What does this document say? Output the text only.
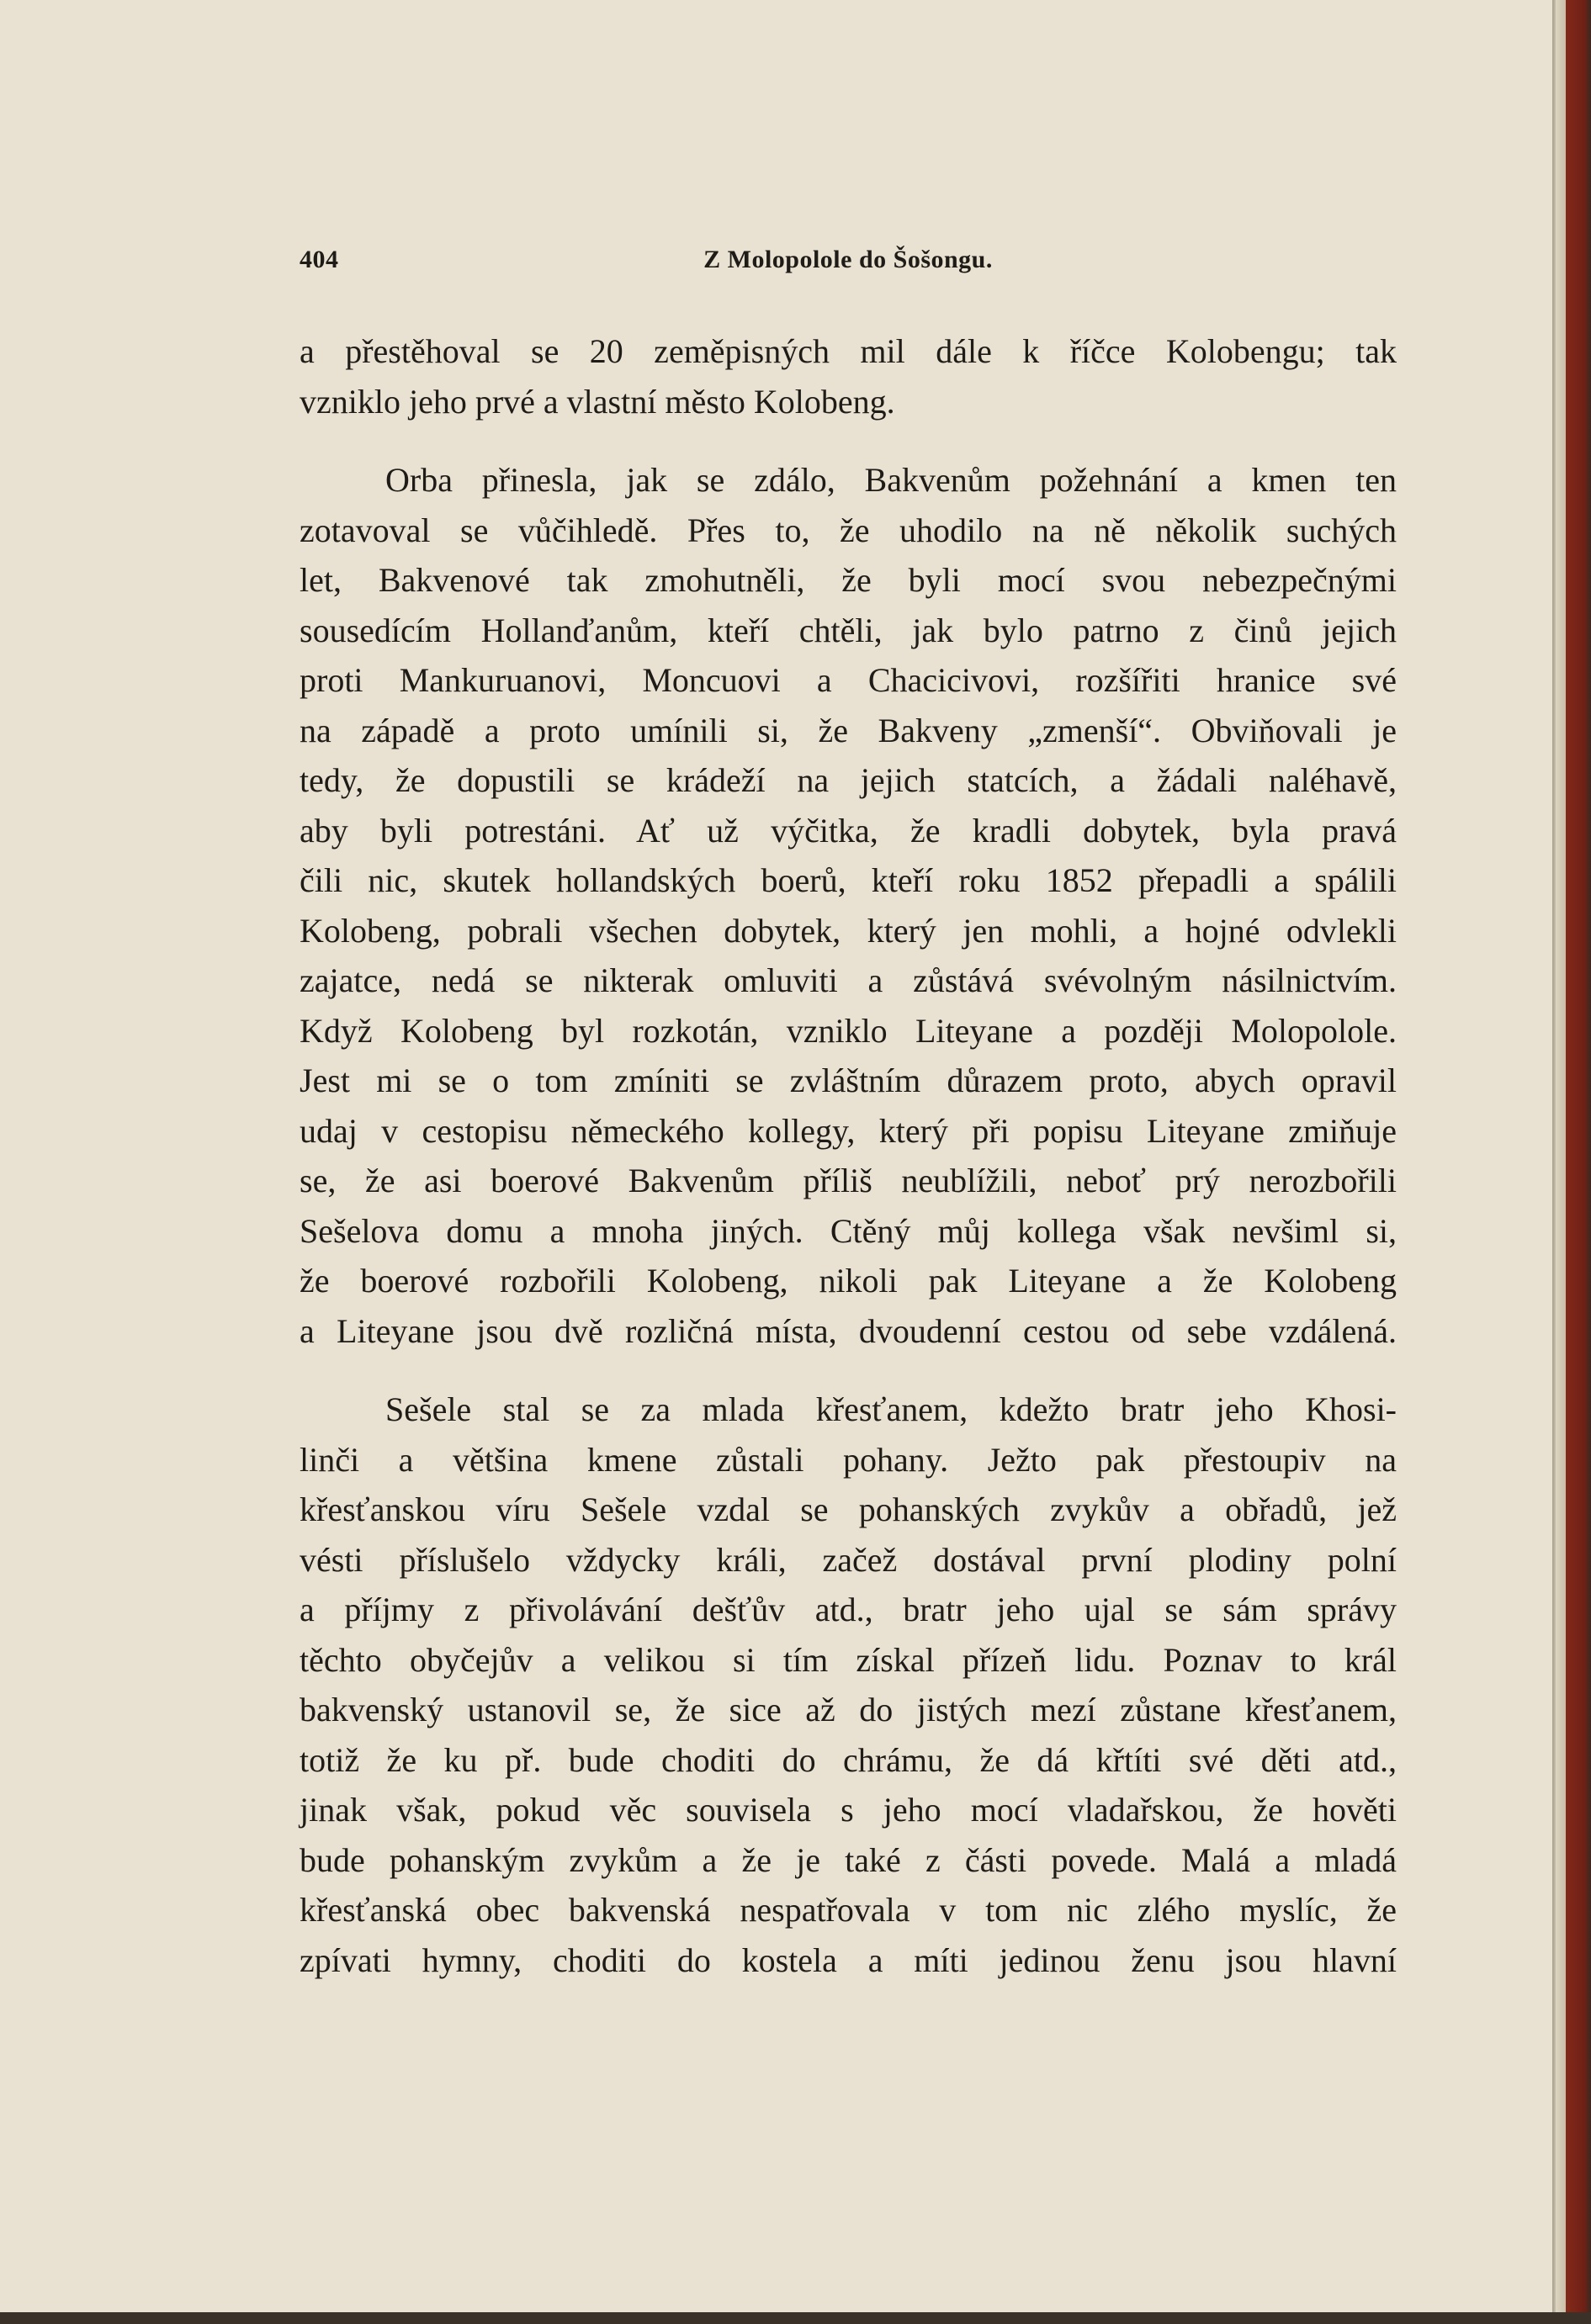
404	Z Molopolole do Šošongu.
a přestěhoval se 20 zeměpisných mil dále k říčce Kolobengu; tak
vzniklo jeho prvé a vlastní město Kolobeng.
Orba přinesla, jak se zdálo, Bakvenům požehnání a kmen ten
zotavoval se vůčihledě. Přes to, že uhodilo na ně několik suchých
let, Bakvenové tak zmohutněli, že byli mocí svou nebezpečnými
sousedícím Hollanďanům, kteří chtěli, jak bylo patrno z činů jejich
proti Mankuruanovi, Moncuovi a Chacicivovi, rozšířiti hranice své
na západě a proto umínili si, že Bakveny „zmenší“. Obviňovali je
tedy, že dopustili se krádeží na jejich statcích, a žádali naléhavě,
aby byli potrestáni. Ať už výčitka, že kradli dobytek, byla pravá
čili nic, skutek hollandských boerů, kteří roku 1852 přepadli a spálili
Kolobeng, pobrali všechen dobytek, který jen mohli, a hojné odvlekli
zajatce, nedá se nikterak omluviti a zůstává svévolným násilnictvím.
Když Kolobeng byl rozkotán, vzniklo Liteyane a později Molopolole.
Jest mi se o tom zmíniti se zvláštním důrazem proto, abych opravil
udaj v cestopisu německého kollegy, který při popisu Liteyane zmiňuje
se, že asi boerové Bakvenům příliš neublížili, neboť prý nerozbořili
Sešelova domu a mnoha jiných. Ctěný můj kollega však nevšiml si,
že boerové rozbořili Kolobeng, nikoli pak Liteyane a že Kolobeng
a Liteyane jsou dvě rozličná místa, dvoudenní cestou od sebe vzdálená.
Sešele stal se za mlada křesťanem, kdežto bratr jeho Khosi-
linči a většina kmene zůstali pohany. Ježto pak přestoupiv na
křesťanskou víru Sešele vzdal se pohanských zvykův a obřadů, jež
vésti příslušelo vždycky králi, začež dostával první plodiny polní
a příjmy z přivolávání dešťův atd., bratr jeho ujal se sám správy
těchto obyčejův a velikou si tím získal přízeň lidu. Poznav to král
bakvenský ustanovil se, že sice až do jistých mezí zůstane křesťanem,
totiž že ku př. bude choditi do chrámu, že dá křtíti své děti atd.,
jinak však, pokud věc souvisela s jeho mocí vladařskou, že hověti
bude pohanským zvykům a že je také z části povede. Malá a mladá
křesťanská obec bakvenská nespatřovala v tom nic zlého myslíc, že
zpívati hymny, choditi do kostela a míti jedinou ženu jsou hlavní
